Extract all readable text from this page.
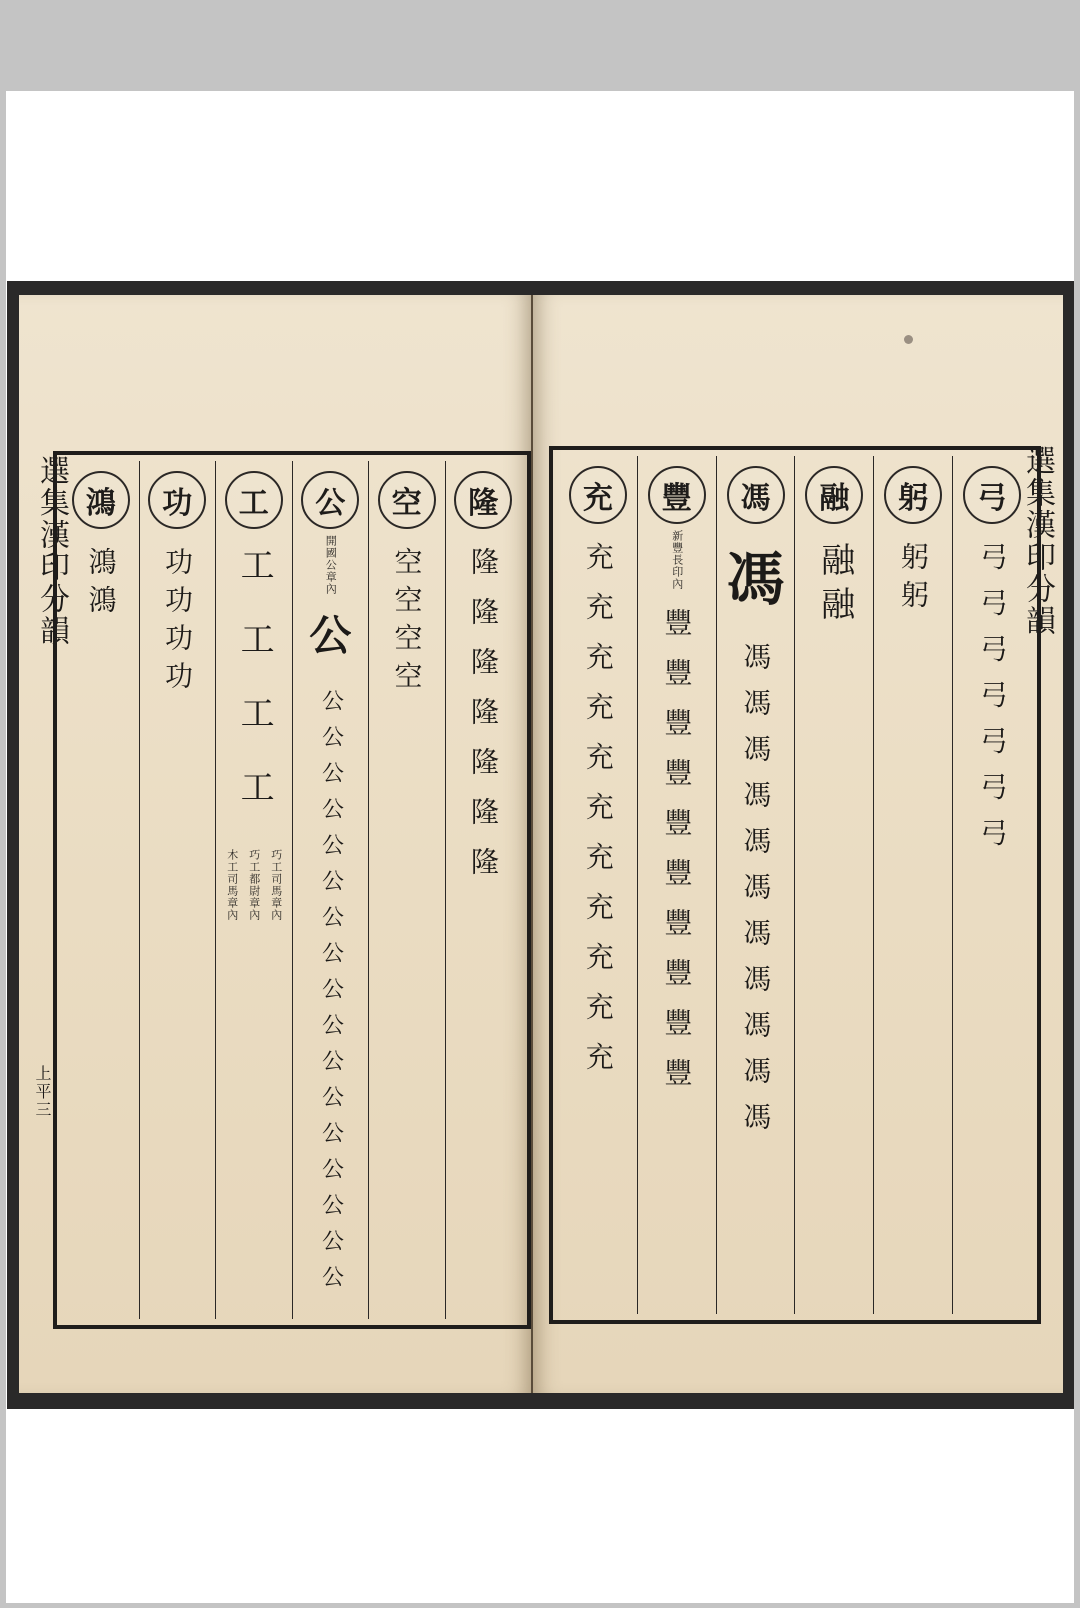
選集漢印分韻
上平三
鴻
鴻鴻
功
功功功功
工
工工工工
巧工司馬章內
巧工都尉章內
木工司馬章內
公
開國公章內
公
公公公公公公公公公公公公公公公公公
空
空空空空
隆
隆隆隆隆隆隆隆
選集漢印分韻
充
充充充充充充充充充充充
豐
新豐長印內
豐豐豐豐豐豐豐豐豐豐
馮
馮
馮馮馮馮馮馮馮馮馮馮馮
融
融融
躬
躬躬
弓
弓弓弓弓弓弓弓
